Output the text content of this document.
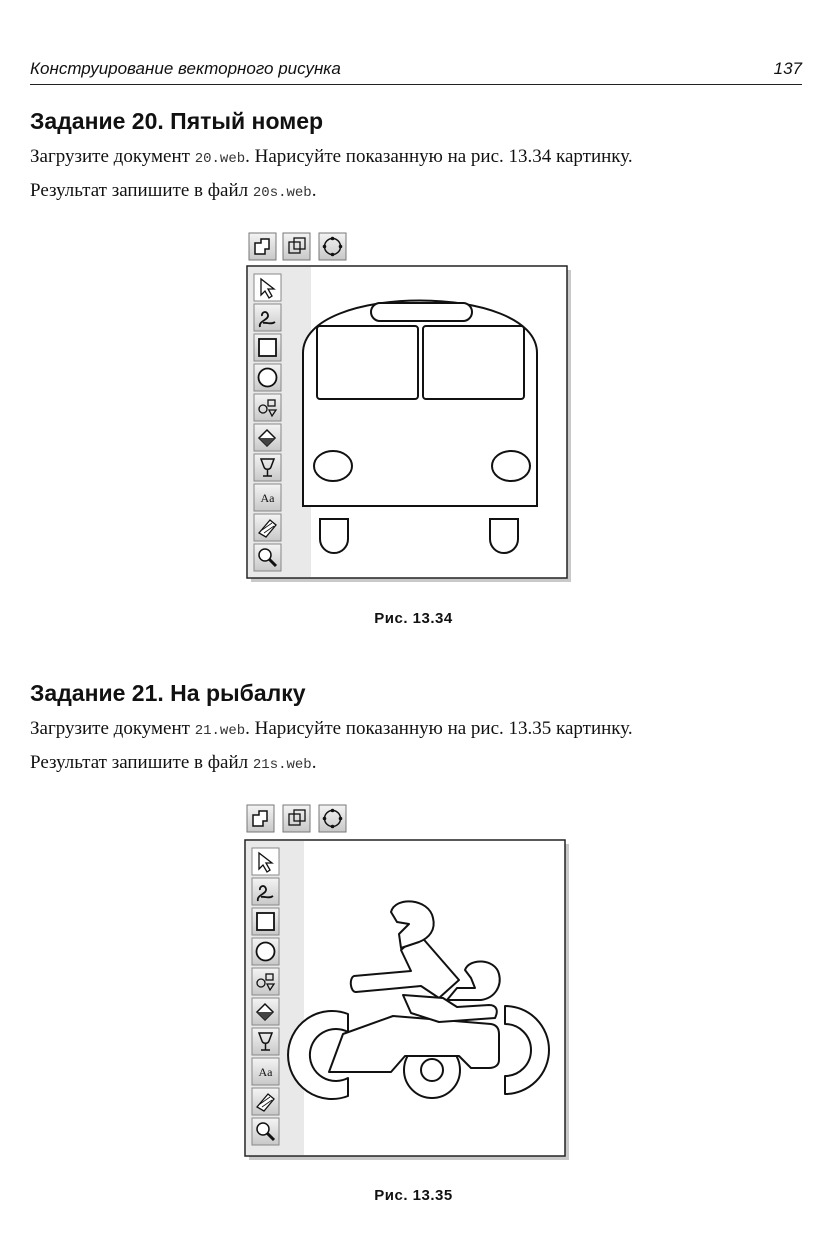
Конструирование векторного рисунка	137
Задание 20. Пятый номер

Загрузите документ 20.web. Нарисуйте показанную на рис. 13.34 картинку.
Результат запишите в файл 20s.web.

Aa

Рис. 13.34

Задание 21. На рыбалку

Загрузите документ 21.web. Нарисуйте показанную на рис. 13.35 картинку.
Результат запишите в файл 21s.web.

Aa

Рис. 13.35
